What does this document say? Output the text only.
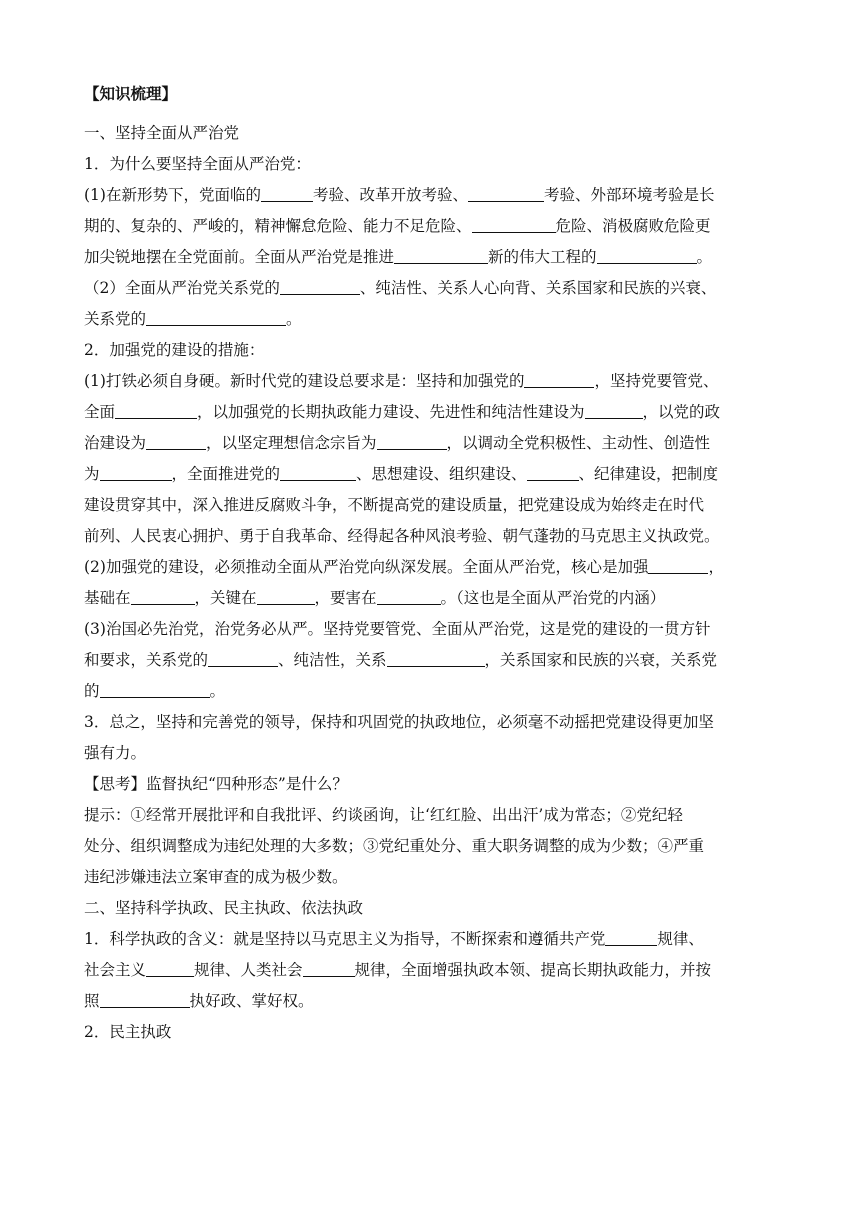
【知识梳理】
一、坚持全面从严治党
1．为什么要坚持全面从严治党：
(1)在新形势下，党面临的	考验、改革开放考验、	考验、外部环境考验是长
期的、复杂的、严峻的，精神懈怠危险、能力不足危险、	危险、消极腐败危险更
加尖锐地摆在全党面前。全面从严治党是推进	新的伟大工程的	。
（2）全面从严治党关系党的	、纯洁性、关系人心向背、关系国家和民族的兴衰、
关系党的	。
2．加强党的建设的措施：
(1)打铁必须自身硬。新时代党的建设总要求是：坚持和加强党的	，坚持党要管党、
全面	，以加强党的长期执政能力建设、先进性和纯洁性建设为	，以党的政
治建设为	，以坚定理想信念宗旨为	，以调动全党积极性、主动性、创造性
为	，全面推进党的	、思想建设、组织建设、	、纪律建设，把制度
建设贯穿其中，深入推进反腐败斗争，不断提高党的建设质量，把党建设成为始终走在时代
前列、人民衷心拥护、勇于自我革命、经得起各种风浪考验、朝气蓬勃的马克思主义执政党。
(2)加强党的建设，必须推动全面从严治党向纵深发展。全面从严治党，核心是加强	，
基础在	，关键在	，要害在	。（这也是全面从严治党的内涵）
(3)治国必先治党，治党务必从严。坚持党要管党、全面从严治党，这是党的建设的一贯方针
和要求，关系党的	、纯洁性，关系	，关系国家和民族的兴衰，关系党
的	。
3．总之，坚持和完善党的领导，保持和巩固党的执政地位，必须毫不动摇把党建设得更加坚
强有力。
【思考】监督执纪“四种形态”是什么？
提示：①经常开展批评和自我批评、约谈函询，让‘红红脸、出出汗’成为常态；②党纪轻
处分、组织调整成为违纪处理的大多数；③党纪重处分、重大职务调整的成为少数；④严重
违纪涉嫌违法立案审查的成为极少数。
二、坚持科学执政、民主执政、依法执政
1．科学执政的含义：就是坚持以马克思主义为指导，不断探索和遵循共产党	规律、
社会主义	规律、人类社会	规律，全面增强执政本领、提高长期执政能力，并按
照	执好政、掌好权。
2．民主执政
